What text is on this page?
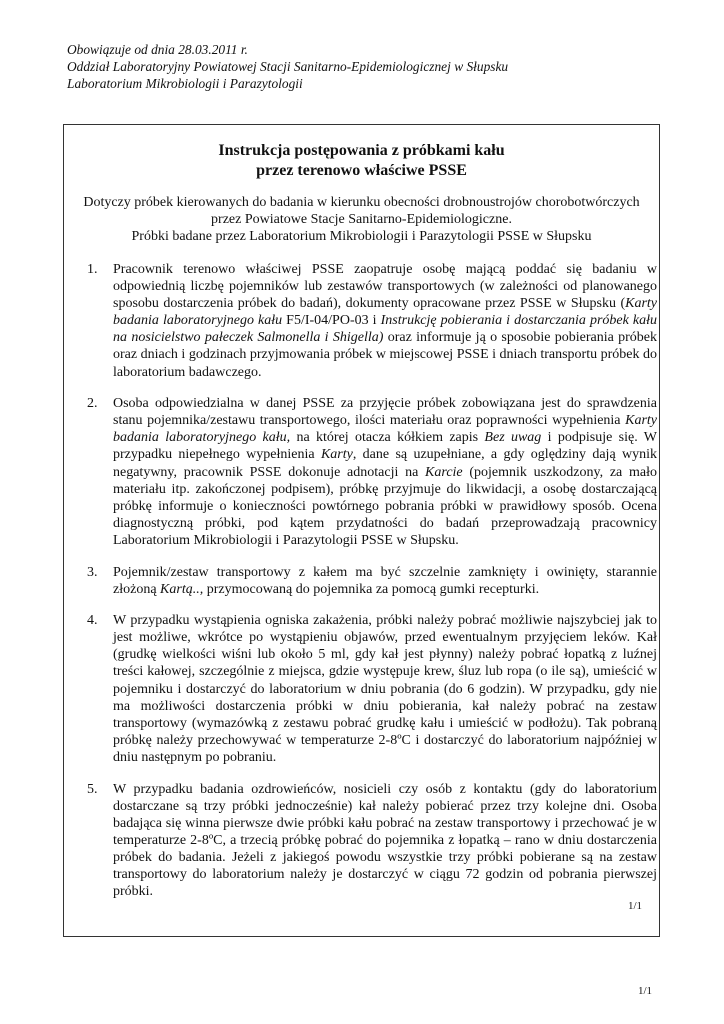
Obowiązuje od dnia 28.03.2011 r.
Oddział Laboratoryjny Powiatowej Stacji Sanitarno-Epidemiologicznej w Słupsku
Laboratorium Mikrobiologii i Parazytologii
Instrukcja postępowania z próbkami kału
przez terenowo właściwe PSSE
Dotyczy próbek kierowanych do badania w kierunku obecności drobnoustrojów chorobotwórczych
przez Powiatowe Stacje Sanitarno-Epidemiologiczne.
Próbki badane przez Laboratorium Mikrobiologii i Parazytologii PSSE w Słupsku
1.	Pracownik terenowo właściwej PSSE zaopatruje osobę mającą poddać się badaniu w odpowiednią liczbę pojemników lub zestawów transportowych (w zależności od planowanego sposobu dostarczenia próbek do badań), dokumenty opracowane przez PSSE w Słupsku (Karty badania laboratoryjnego kału F5/I-04/PO-03 i Instrukcję pobierania i dostarczania próbek kału na nosicielstwo pałeczek Salmonella i Shigella) oraz informuje ją o sposobie pobierania próbek oraz dniach i godzinach przyjmowania próbek w miejscowej PSSE i dniach transportu próbek do laboratorium badawczego.
2.	Osoba odpowiedzialna w danej PSSE za przyjęcie próbek zobowiązana jest do sprawdzenia stanu pojemnika/zestawu transportowego, ilości materiału oraz poprawności wypełnienia Karty badania laboratoryjnego kału, na której otacza kółkiem zapis Bez uwag i podpisuje się. W przypadku niepełnego wypełnienia Karty, dane są uzupełniane, a gdy oględziny dają wynik negatywny, pracownik PSSE dokonuje adnotacji na Karcie (pojemnik uszkodzony, za mało materiału itp. zakończonej podpisem), próbkę przyjmuje do likwidacji, a osobę dostarczającą próbkę informuje o konieczności powtórnego pobrania próbki w prawidłowy sposób. Ocena diagnostyczną próbki, pod kątem przydatności do badań przeprowadzają pracownicy Laboratorium Mikrobiologii i Parazytologii PSSE w Słupsku.
3.	Pojemnik/zestaw transportowy z kałem ma być szczelnie zamknięty i owinięty, starannie złożoną Kartą.., przymocowaną do pojemnika za pomocą gumki recepturki.
4.	W przypadku wystąpienia ogniska zakażenia, próbki należy pobrać możliwie najszybciej jak to jest możliwe, wkrótce po wystąpieniu objawów, przed ewentualnym przyjęciem leków. Kał (grudkę wielkości wiśni lub około 5 ml, gdy kał jest płynny) należy pobrać łopatką z luźnej treści kałowej, szczególnie z miejsca, gdzie występuje krew, śluz lub ropa (o ile są), umieścić w pojemniku i dostarczyć do laboratorium w dniu pobrania (do 6 godzin). W przypadku, gdy nie ma możliwości dostarczenia próbki w dniu pobierania, kał należy pobrać na zestaw transportowy (wymazówką z zestawu pobrać grudkę kału i umieścić w podłożu). Tak pobraną próbkę należy przechowywać w temperaturze 2-8ºC i dostarczyć do laboratorium najpóźniej w dniu następnym po pobraniu.
5.	W przypadku badania ozdrowieńców, nosicieli czy osób z kontaktu (gdy do laboratorium dostarczane są trzy próbki jednocześnie) kał należy pobierać przez trzy kolejne dni. Osoba badająca się winna pierwsze dwie próbki kału pobrać na zestaw transportowy i przechować je w temperaturze 2-8ºC, a trzecią próbkę pobrać do pojemnika z łopatką – rano w dniu dostarczenia próbek do badania. Jeżeli z jakiegoś powodu wszystkie trzy próbki pobierane są na zestaw transportowy do laboratorium należy je dostarczyć w ciągu 72 godzin od pobrania pierwszej próbki.
1/1
1/1
